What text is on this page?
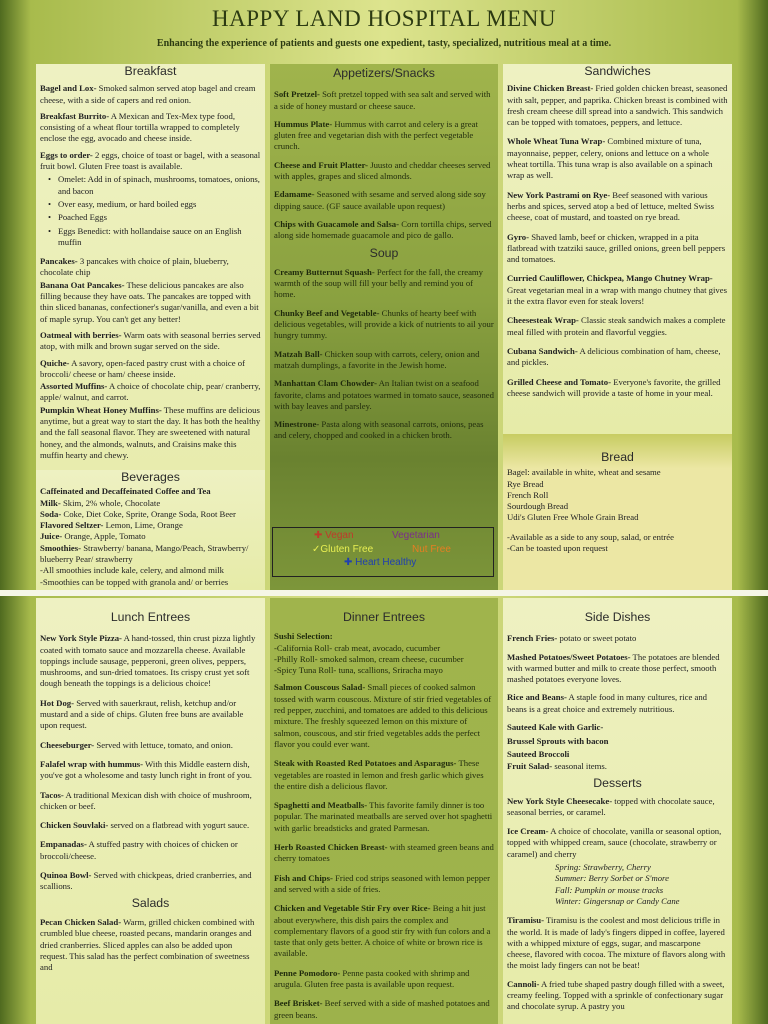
HAPPY LAND HOSPITAL MENU
Enhancing the experience of patients and guests one expedient, tasty, specialized, nutritious meal at a time.
Breakfast
Bagel and Lox- Smoked salmon served atop bagel and cream cheese, with a side of capers and red onion.
Breakfast Burrito- A Mexican and Tex-Mex type food, consisting of a wheat flour tortilla wrapped to completely enclose the egg, avocado and cheese inside.
Eggs to order- 2 eggs, choice of toast or bagel, with a seasonal fruit bowl. Gluten Free toast is available.
• Omelet: Add in of spinach, mushrooms, tomatoes, onions, and bacon
• Over easy, medium, or hard boiled eggs
• Poached Eggs
• Eggs Benedict: with hollandaise sauce on an English muffin
Pancakes- 3 pancakes with choice of plain, blueberry, chocolate chip
Banana Oat Pancakes- These delicious pancakes are also filling because they have oats. The pancakes are topped with thin sliced bananas, confectioner's sugar/vanilla, and even a bit of maple syrup. You can't get any better!
Oatmeal with berries- Warm oats with seasonal berries served atop, with milk and brown sugar served on the side.
Quiche- A savory, open-faced pastry crust with a choice of broccoli/ cheese or ham/ cheese inside.
Assorted Muffins- A choice of chocolate chip, pear/ cranberry, apple/ walnut, and carrot.
Pumpkin Wheat Honey Muffins- These muffins are delicious anytime, but a great way to start the day. It has both the healthy and the fall seasonal flavor. They are sweetened with natural honey, and the almonds, walnuts, and Craisins make this muffin hearty and chewy.
Beverages
Caffeinated and Decaffeinated Coffee and Tea
Milk- Skim, 2% whole, Chocolate
Soda- Coke, Diet Coke, Sprite, Orange Soda, Root Beer
Flavored Seltzer- Lemon, Lime, Orange
Juice- Orange, Apple, Tomato
Smoothies- Strawberry/ banana, Mango/Peach, Strawberry/ blueberry Pear/ strawberry
-All smoothies include kale, celery, and almond milk
-Smoothies can be topped with granola and/ or berries
Appetizers/Snacks
Soft Pretzel- Soft pretzel topped with sea salt and served with a side of honey mustard or cheese sauce.
Hummus Plate- Hummus with carrot and celery is a great gluten free and vegetarian dish with the perfect vegetable crunch.
Cheese and Fruit Platter- Juusto and cheddar cheeses served with apples, grapes and sliced almonds.
Edamame- Seasoned with sesame and served along side soy dipping sauce. (GF sauce available upon request)
Chips with Guacamole and Salsa- Corn tortilla chips, served along side homemade guacamole and pico de gallo.
Soup
Creamy Butternut Squash- Perfect for the fall, the creamy warmth of the soup will fill your belly and remind you of home.
Chunky Beef and Vegetable- Chunks of hearty beef with delicious vegetables, will provide a kick of nutrients to ail your hungry tummy.
Matzah Ball- Chicken soup with carrots, celery, onion and matzah dumplings, a favorite in the Jewish home.
Manhattan Clam Chowder- An Italian twist on a seafood favorite, clams and potatoes warmed in tomato sauce, seasoned with bay leaves and parsley.
Minestrone- Pasta along with seasonal carrots, onions, peas and celery, chopped and cooked in a chicken broth.
✚ Vegan	Vegetarian
✓Gluten Free	Nut Free
✚ Heart Healthy
Sandwiches
Divine Chicken Breast- Fried golden chicken breast, seasoned with salt, pepper, and paprika. Chicken breast is combined with fresh cream cheese dill spread into a sandwich. This sandwich can be topped with tomatoes, peppers, and lettuce.
Whole Wheat Tuna Wrap- Combined mixture of tuna, mayonnaise, pepper, celery, onions and lettuce on a whole wheat tortilla. This tuna wrap is also available on a spinach wrap as well.
New York Pastrami on Rye- Beef seasoned with various herbs and spices, served atop a bed of lettuce, melted Swiss cheese, coat of mustard, and toasted on rye bread.
Gyro- Shaved lamb, beef or chicken, wrapped in a pita flatbread with tzatziki sauce, grilled onions, green bell peppers and tomatoes.
Curried Cauliflower, Chickpea, Mango Chutney Wrap- Great vegetarian meal in a wrap with mango chutney that gives it the extra flavor even for steak lovers!
Cheesesteak Wrap- Classic steak sandwich makes a complete meal filled with protein and flavorful veggies.
Cubana Sandwich- A delicious combination of ham, cheese, and pickles.
Grilled Cheese and Tomato- Everyone's favorite, the grilled cheese sandwich will provide a taste of home in your meal.
Bread
Bagel: available in white, wheat and sesame
Rye Bread
French Roll
Sourdough Bread
Udi's Gluten Free Whole Grain Bread
-Available as a side to any soup, salad, or entrée
-Can be toasted upon request
Lunch Entrees
New York Style Pizza- A hand-tossed, thin crust pizza lightly coated with tomato sauce and mozzarella cheese. Available toppings include sausage, pepperoni, green olives, peppers, mushrooms, and sun-dried tomatoes. Its crispy crust yet soft dough beneath the toppings is a delicious choice!
Hot Dog- Served with sauerkraut, relish, ketchup and/or mustard and a side of chips. Gluten free buns are available upon request.
Cheeseburger- Served with lettuce, tomato, and onion.
Falafel wrap with hummus- With this Middle eastern dish, you've got a wholesome and tasty lunch right in front of you.
Tacos- A traditional Mexican dish with choice of mushroom, chicken or beef.
Chicken Souvlaki- served on a flatbread with yogurt sauce.
Empanadas- A stuffed pastry with choices of chicken or broccoli/cheese.
Quinoa Bowl- Served with chickpeas, dried cranberries, and scallions.
Salads
Pecan Chicken Salad- Warm, grilled chicken combined with crumbled blue cheese, roasted pecans, mandarin oranges and dried cranberries. Sliced apples can also be added upon request. This salad has the perfect combination of sweetness and
Dinner Entrees
Sushi Selection:
-California Roll- crab meat, avocado, cucumber
-Philly Roll- smoked salmon, cream cheese, cucumber
-Spicy Tuna Roll- tuna, scallions, Sriracha mayo
Salmon Couscous Salad- Small pieces of cooked salmon tossed with warm couscous. Mixture of stir fried vegetables of red pepper, zucchini, and tomatoes are added to this delicious mixture. The freshly squeezed lemon on this mixture of salmon, couscous, and stir fried vegetables adds the perfect flavor you could ever want.
Steak with Roasted Red Potatoes and Asparagus- These vegetables are roasted in lemon and fresh garlic which gives the entire dish a delicious flavor.
Spaghetti and Meatballs- This favorite family dinner is too popular. The marinated meatballs are served over hot spaghetti with garlic breadsticks and grated Parmesan.
Herb Roasted Chicken Breast- with steamed green beans and cherry tomatoes
Fish and Chips- Fried cod strips seasoned with lemon pepper and served with a side of fries.
Chicken and Vegetable Stir Fry over Rice- Being a hit just about everywhere, this dish pairs the complex and complementary flavors of a good stir fry with fun colors and a taste that only gets better. A choice of white or brown rice is available.
Penne Pomodoro- Penne pasta cooked with shrimp and arugula. Gluten free pasta is available upon request.
Beef Brisket- Beef served with a side of mashed potatoes and green beans.
Side Dishes
French Fries- potato or sweet potato
Mashed Potatoes/Sweet Potatoes- The potatoes are blended with warmed butter and milk to create those perfect, smooth mashed potatoes everyone loves.
Rice and Beans- A staple food in many cultures, rice and beans is a great choice and extremely nutritious.
Sauteed Kale with Garlic-
Brussel Sprouts with bacon
Sauteed Broccoli
Fruit Salad- seasonal items.
Desserts
New York Style Cheesecake- topped with chocolate sauce, seasonal berries, or caramel.
Ice Cream- A choice of chocolate, vanilla or seasonal option, topped with whipped cream, sauce (chocolate, strawberry or caramel) and cherry
Spring: Strawberry, Cherry
Summer: Berry Sorbet or S'more
Fall: Pumpkin or mouse tracks
Winter: Gingersnap or Candy Cane
Tiramisu- Tiramisu is the coolest and most delicious trifle in the world. It is made of lady's fingers dipped in coffee, layered with a whipped mixture of eggs, sugar, and mascarpone cheese, flavored with cocoa. The mixture of flavors along with the moist lady fingers can not be beat!
Cannoli- A fried tube shaped pastry dough filled with a sweet, creamy feeling. Topped with a sprinkle of confectionary sugar and chocolate syrup. A pastry you
